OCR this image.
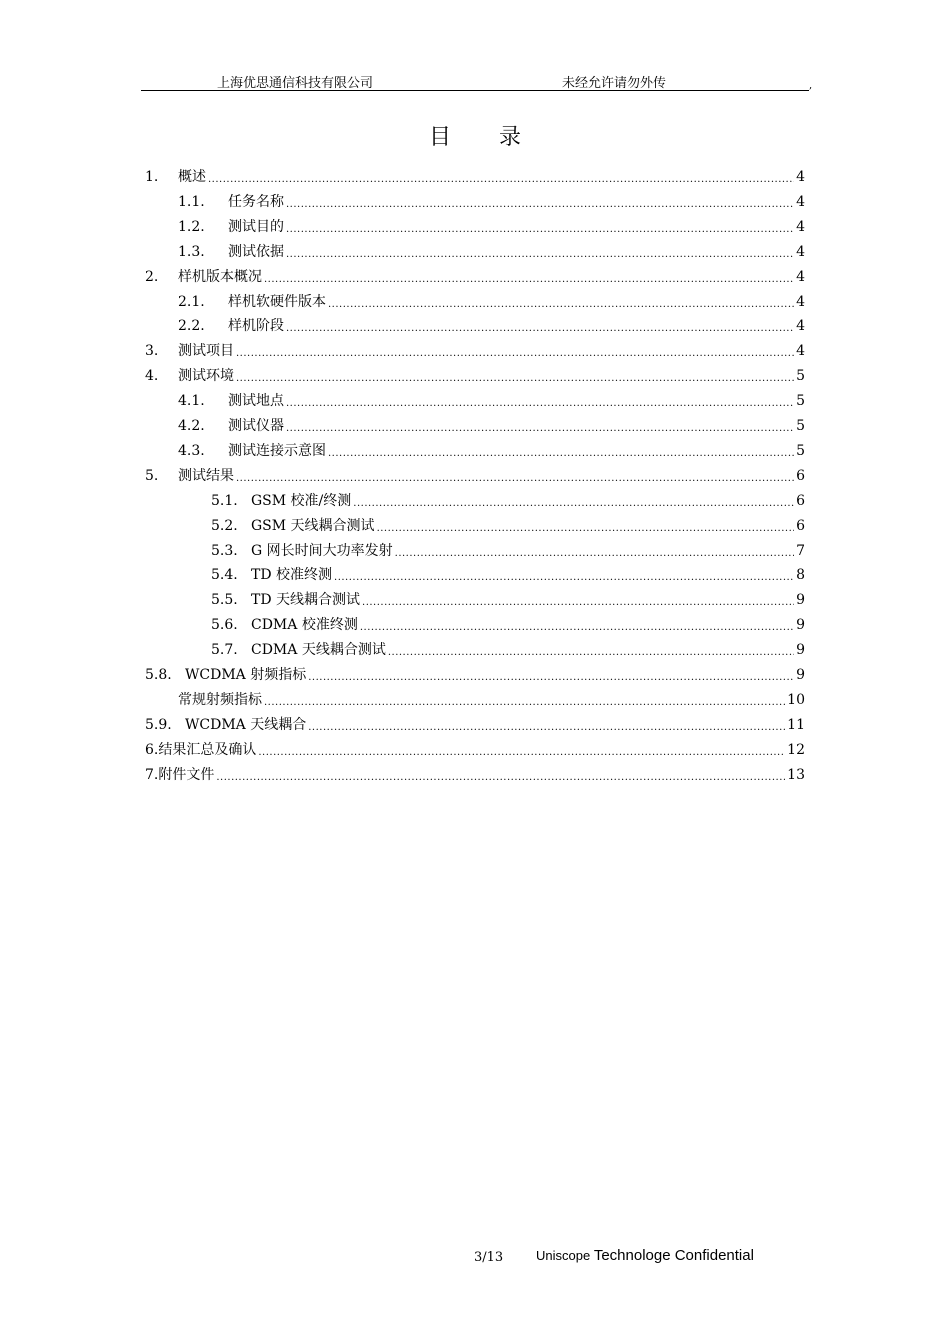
上海优思通信科技有限公司	未经允许请勿外传	,
目录
1.	概述 .....	4
1.1.	任务名称 .....	4
1.2.	测试目的 .....	4
1.3.	测试依据 .....	4
2.	样机版本概况 .....	4
2.1.	样机软硬件版本 .....	4
2.2.	样机阶段 .....	4
3.	测试项目 .....	4
4.	测试环境 .....	5
4.1.	测试地点 .....	5
4.2.	测试仪器 .....	5
4.3.	测试连接示意图 .....	5
5.	测试结果 .....	6
5.1. GSM 校准/终测 .....	6
5.2. GSM 天线耦合测试 .....	6
5.3. G 网长时间大功率发射 .....	7
5.4. TD 校准终测 .....	8
5.5. TD 天线耦合测试 .....	9
5.6. CDMA 校准终测 .....	9
5.7. CDMA 天线耦合测试 .....	9
5.8. WCDMA 射频指标 .....	9
常规射频指标 .....	10
5.9. WCDMA 天线耦合 .....	11
6. 结果汇总及确认 .....	12
7. 附件文件 .....	13
3/13	Uniscope Technologe Confidential
